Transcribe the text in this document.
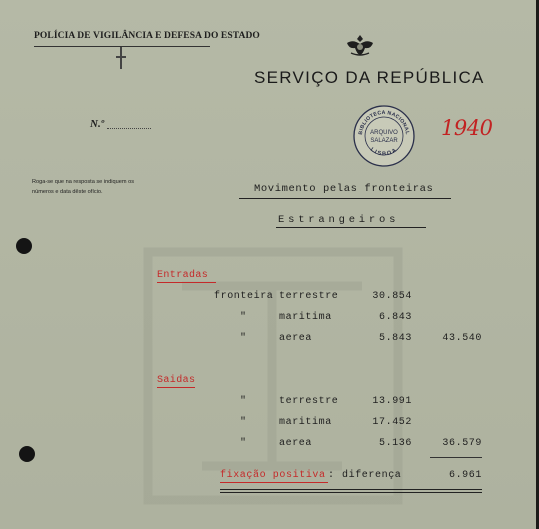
POLÍCIA DE VIGILÂNCIA E DEFESA DO ESTADO
SERVIÇO DA REPÚBLICA
N.º
BIBLIOTECA NACIONAL
ARQUIVO
SALAZAR
LISBOA
1940
Roga-se que na resposta se indiquem os números e data dêste ofício.	Movimento pelas fronteiras
Estrangeiros
Entradas
fronteira terrestre	30.854
"	maritima	6.843
"	aerea	5.843	43.540
Saidas
"	terrestre	13.991
"	maritima	17.452
"	aerea	5.136	36.579
fixação positiva : diferença	6.961
